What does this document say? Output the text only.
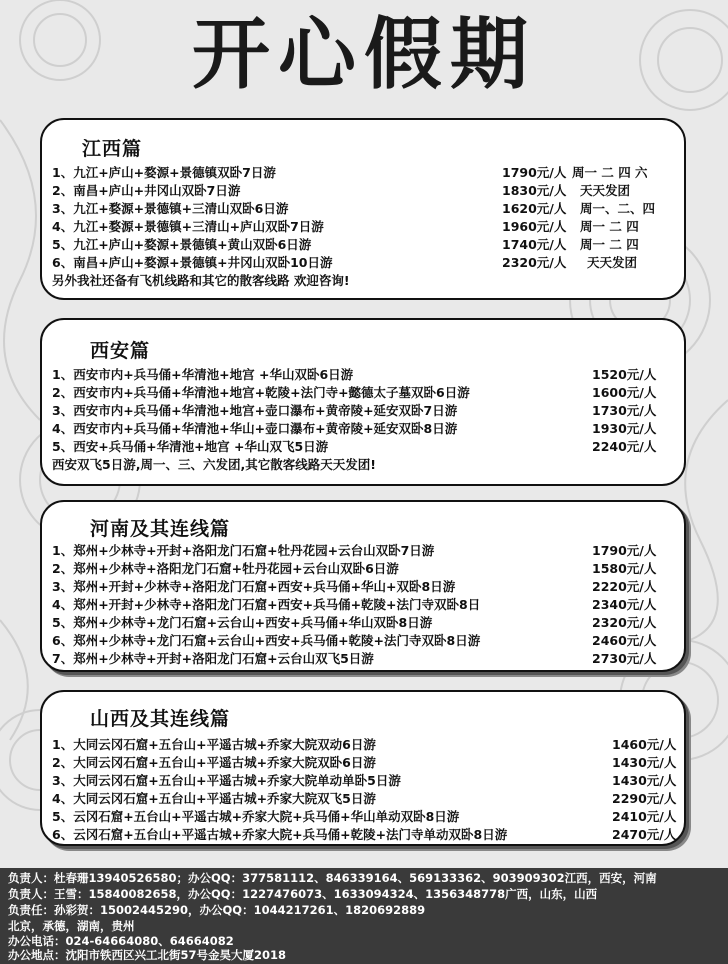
开心假期
江西篇
1、九江+庐山+婺源+景德镇双卧7日游	1790元/人 周一 二 四 六
2、南昌+庐山+井冈山双卧7日游	1830元/人 天天发团
3、九江+婺源+景德镇+三清山双卧6日游	1620元/人 周一、二、四
4、九江+婺源+景德镇+三清山+庐山双卧7日游	1960元/人 周一 二 四
5、九江+庐山+婺源+景德镇+黄山双卧6日游	1740元/人 周一 二 四
6、南昌+庐山+婺源+景德镇+井冈山双卧10日游	2320元/人 天天发团
另外我社还备有飞机线路和其它的散客线路 欢迎咨询!
西安篇
1、西安市内+兵马俑+华清池+地宫 +华山双卧6日游	1520元/人
2、西安市内+兵马俑+华清池+地宫+乾陵+法门寺+懿德太子墓双卧6日游	1600元/人
3、西安市内+兵马俑+华清池+地宫+壶口瀑布+黄帝陵+延安双卧7日游	1730元/人
4、西安市内+兵马俑+华清池+华山+壶口瀑布+黄帝陵+延安双卧8日游	1930元/人
5、西安+兵马俑+华清池+地宫 +华山双飞5日游	2240元/人
西安双飞5日游,周一、三、六发团,其它散客线路天天发团!
河南及其连线篇
1、郑州+少林寺+开封+洛阳龙门石窟+牡丹花园+云台山双卧7日游	1790元/人
2、郑州+少林寺+洛阳龙门石窟+牡丹花园+云台山双卧6日游	1580元/人
3、郑州+开封+少林寺+洛阳龙门石窟+西安+兵马俑+华山+双卧8日游	2220元/人
4、郑州+开封+少林寺+洛阳龙门石窟+西安+兵马俑+乾陵+法门寺双卧8日	2340元/人
5、郑州+少林寺+龙门石窟+云台山+西安+兵马俑+华山双卧8日游	2320元/人
6、郑州+少林寺+龙门石窟+云台山+西安+兵马俑+乾陵+法门寺双卧8日游	2460元/人
7、郑州+少林寺+开封+洛阳龙门石窟+云台山双飞5日游	2730元/人
山西及其连线篇
1、大同云冈石窟+五台山+平遥古城+乔家大院双动6日游	1460元/人
2、大同云冈石窟+五台山+平遥古城+乔家大院双卧6日游	1430元/人
3、大同云冈石窟+五台山+平遥古城+乔家大院单动单卧5日游	1430元/人
4、大同云冈石窟+五台山+平遥古城+乔家大院双飞5日游	2290元/人
5、云冈石窟+五台山+平遥古城+乔家大院+兵马俑+华山单动双卧8日游	2410元/人
6、云冈石窟+五台山+平遥古城+乔家大院+兵马俑+乾陵+法门寺单动双卧8日游	2470元/人
负责人：杜春珊13940526580；办公QQ：377581112、846339164、569133362、903909302江西，西安，河南
负责人：王雪：15840082658，办公QQ：1227476073、1633094324、1356348778广西，山东，山西
负责任：孙彩贺：15002445290，办公QQ：1044217261、1820692889
北京，承德，湖南，贵州
办公电话：024-64664080、64664082
办公地点：沈阳市铁西区兴工北街57号金昊大厦2018
